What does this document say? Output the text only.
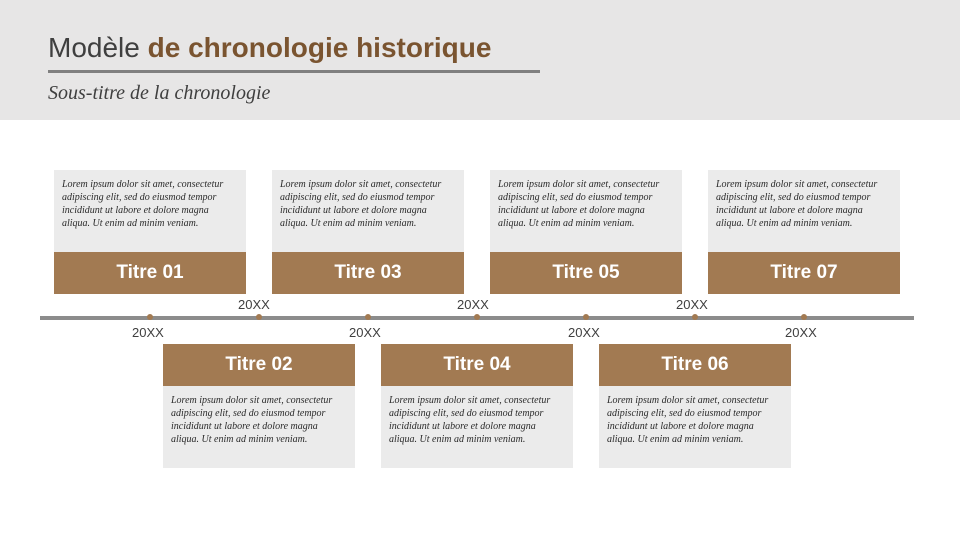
Modèle de chronologie historique
Sous-titre de la chronologie
Lorem ipsum dolor sit amet, consectetur adipiscing elit, sed do eiusmod tempor incididunt ut labore et dolore magna aliqua. Ut enim ad minim veniam.
Titre 01
Lorem ipsum dolor sit amet, consectetur adipiscing elit, sed do eiusmod tempor incididunt ut labore et dolore magna aliqua. Ut enim ad minim veniam.
Titre 03
Lorem ipsum dolor sit amet, consectetur adipiscing elit, sed do eiusmod tempor incididunt ut labore et dolore magna aliqua. Ut enim ad minim veniam.
Titre 05
Lorem ipsum dolor sit amet, consectetur adipiscing elit, sed do eiusmod tempor incididunt ut labore et dolore magna aliqua. Ut enim ad minim veniam.
Titre 07
20XX
20XX
20XX
20XX
20XX
20XX
20XX
Titre 02
Lorem ipsum dolor sit amet, consectetur adipiscing elit, sed do eiusmod tempor incididunt ut labore et dolore magna aliqua. Ut enim ad minim veniam.
Titre 04
Lorem ipsum dolor sit amet, consectetur adipiscing elit, sed do eiusmod tempor incididunt ut labore et dolore magna aliqua. Ut enim ad minim veniam.
Titre 06
Lorem ipsum dolor sit amet, consectetur adipiscing elit, sed do eiusmod tempor incididunt ut labore et dolore magna aliqua. Ut enim ad minim veniam.
